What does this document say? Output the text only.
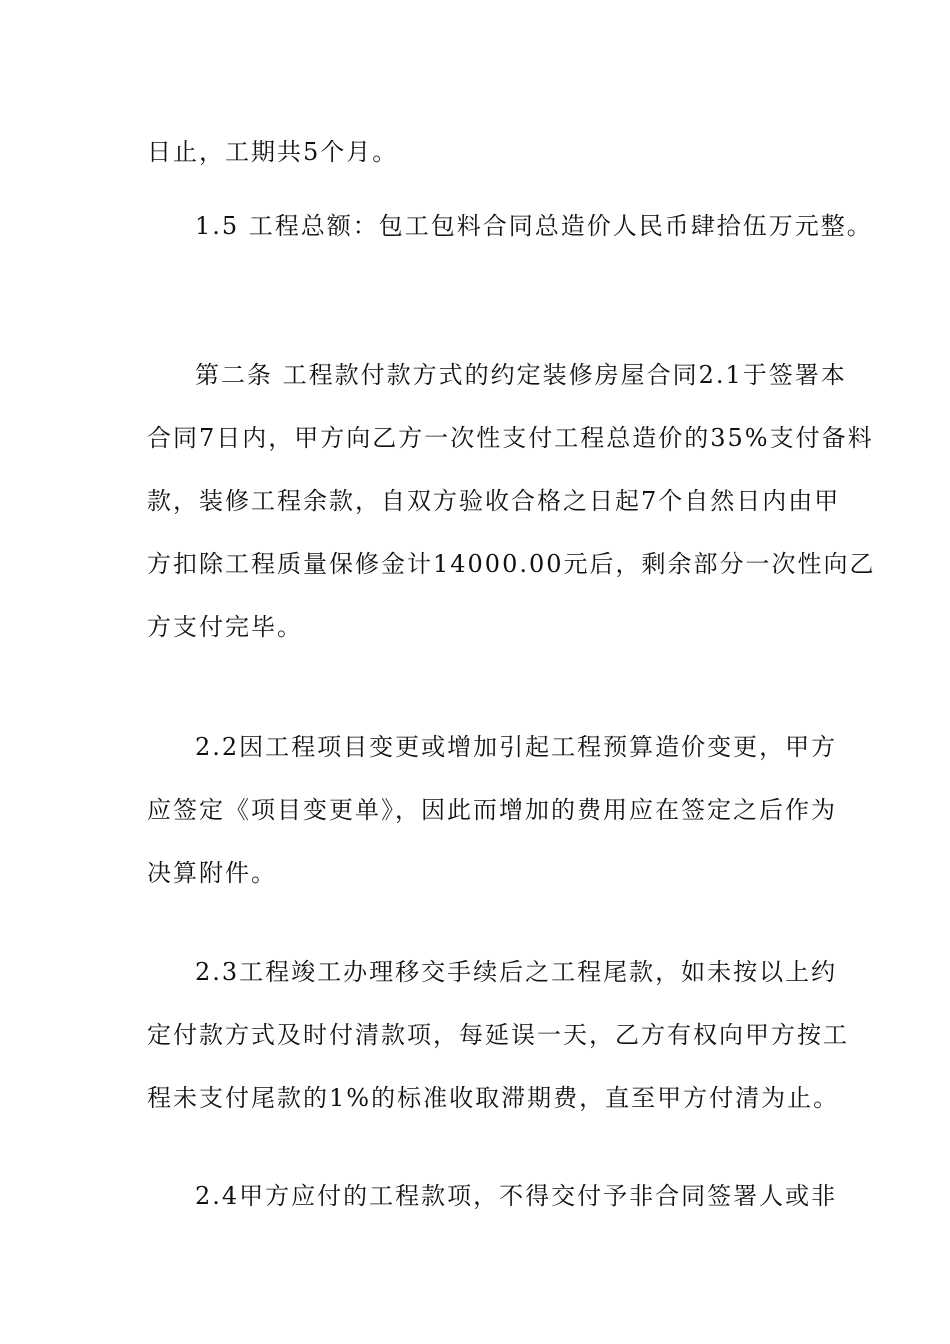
日止，工期共5个月。
1.5 工程总额：包工包料合同总造价人民币肆拾伍万元整。
第二条 工程款付款方式的约定装修房屋合同2.1于签署本
合同7日内，甲方向乙方一次性支付工程总造价的35%支付备料
款，装修工程余款，自双方验收合格之日起7个自然日内由甲
方扣除工程质量保修金计14000.00元后，剩余部分一次性向乙
方支付完毕。
2.2因工程项目变更或增加引起工程预算造价变更，甲方
应签定《项目变更单》，因此而增加的费用应在签定之后作为
决算附件。
2.3工程竣工办理移交手续后之工程尾款，如未按以上约
定付款方式及时付清款项，每延误一天，乙方有权向甲方按工
程未支付尾款的1%的标准收取滞期费，直至甲方付清为止。
2.4甲方应付的工程款项，不得交付予非合同签署人或非
